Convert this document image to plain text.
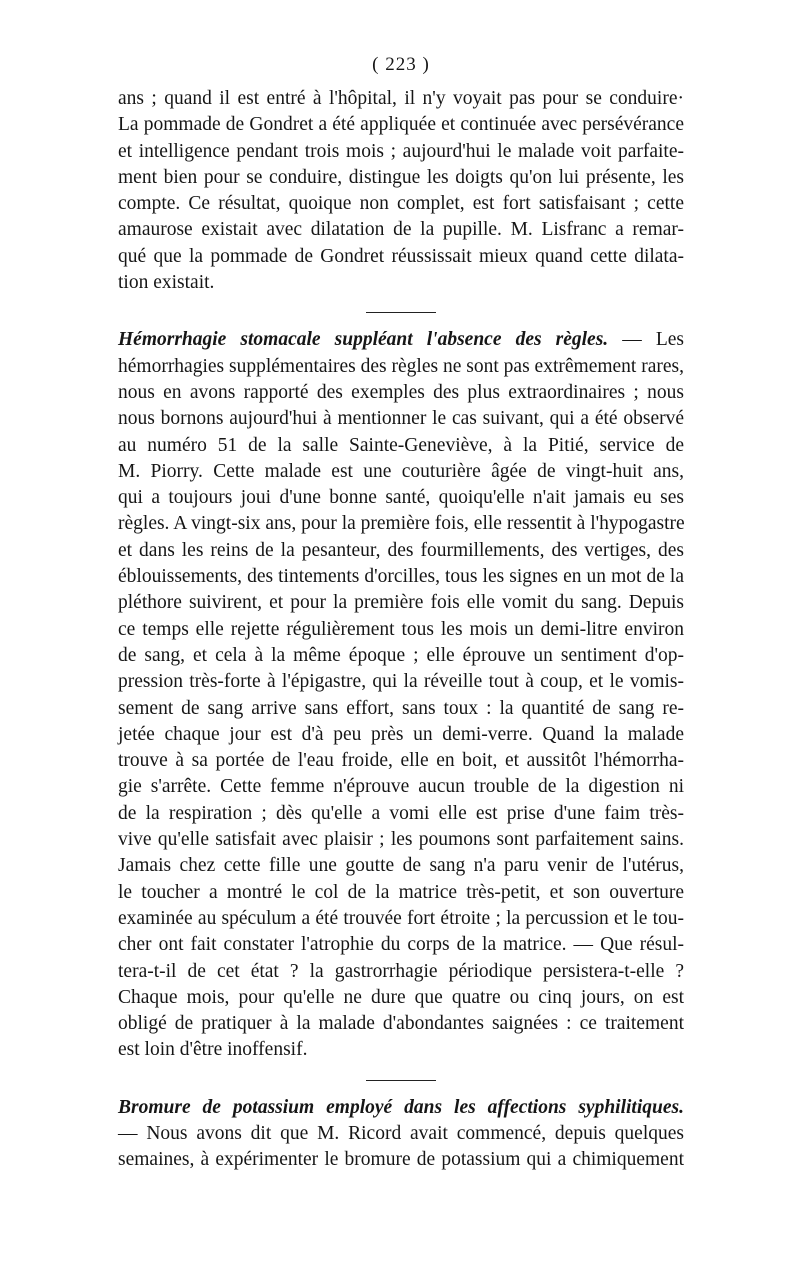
( 223 )

ans ; quand il est entré à l'hôpital, il n'y voyait pas pour se conduire·
La pommade de Gondret a été appliquée et continuée avec persévérance
et intelligence pendant trois mois ; aujourd'hui le malade voit parfaite-
ment bien pour se conduire, distingue les doigts qu'on lui présente, les
compte. Ce résultat, quoique non complet, est fort satisfaisant ; cette
amaurose existait avec dilatation de la pupille. M. Lisfranc a remar-
qué que la pommade de Gondret réussissait mieux quand cette dilata-
tion existait.

Hémorrhagie stomacale suppléant l'absence des règles. — Les
hémorrhagies supplémentaires des règles ne sont pas extrêmement rares,
nous en avons rapporté des exemples des plus extraordinaires ; nous
nous bornons aujourd'hui à mentionner le cas suivant, qui a été observé
au numéro 51 de la salle Sainte-Geneviève, à la Pitié, service de
M. Piorry. Cette malade est une couturière âgée de vingt-huit ans,
qui a toujours joui d'une bonne santé, quoiqu'elle n'ait jamais eu ses
règles. A vingt-six ans, pour la première fois, elle ressentit à l'hypogastre
et dans les reins de la pesanteur, des fourmillements, des vertiges, des
éblouissements, des tintements d'orcilles, tous les signes en un mot de la
pléthore suivirent, et pour la première fois elle vomit du sang. Depuis
ce temps elle rejette régulièrement tous les mois un demi-litre environ
de sang, et cela à la même époque ; elle éprouve un sentiment d'op-
pression très-forte à l'épigastre, qui la réveille tout à coup, et le vomis-
sement de sang arrive sans effort, sans toux : la quantité de sang re-
jetée chaque jour est d'à peu près un demi-verre. Quand la malade
trouve à sa portée de l'eau froide, elle en boit, et aussitôt l'hémorrha-
gie s'arrête. Cette femme n'éprouve aucun trouble de la digestion ni
de la respiration ; dès qu'elle a vomi elle est prise d'une faim très-
vive qu'elle satisfait avec plaisir ; les poumons sont parfaitement sains.
Jamais chez cette fille une goutte de sang n'a paru venir de l'utérus,
le toucher a montré le col de la matrice très-petit, et son ouverture
examinée au spéculum a été trouvée fort étroite ; la percussion et le tou-
cher ont fait constater l'atrophie du corps de la matrice. — Que résul-
tera-t-il de cet état ? la gastrorrhagie périodique persistera-t-elle ?
Chaque mois, pour qu'elle ne dure que quatre ou cinq jours, on est
obligé de pratiquer à la malade d'abondantes saignées : ce traitement
est loin d'être inoffensif.

Bromure de potassium employé dans les affections syphilitiques.
— Nous avons dit que M. Ricord avait commencé, depuis quelques
semaines, à expérimenter le bromure de potassium qui a chimiquement
